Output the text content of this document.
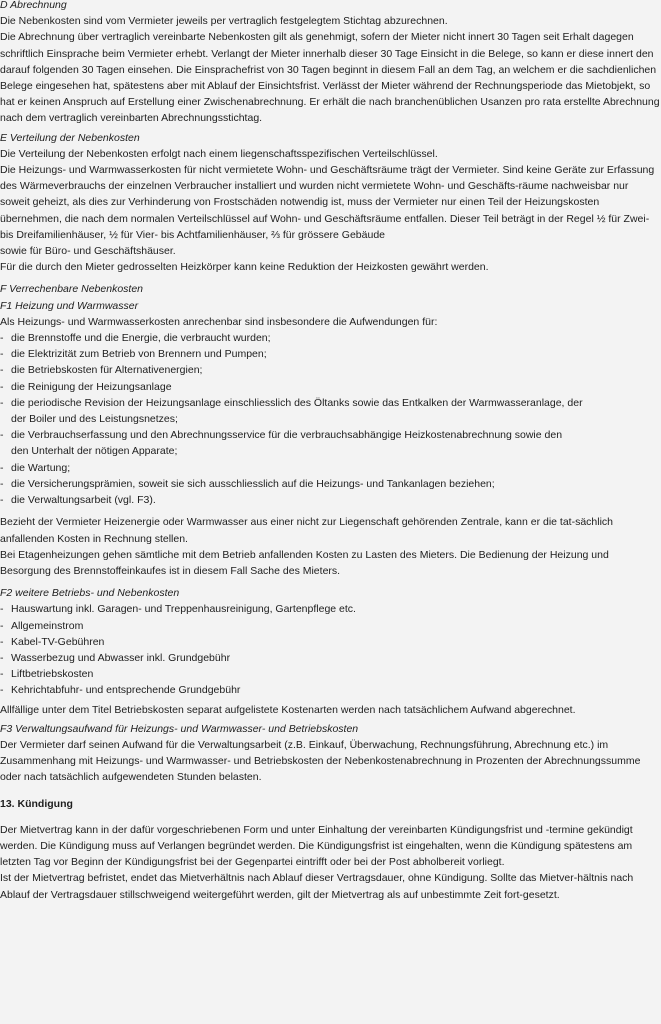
D Abrechnung

Die Nebenkosten sind vom Vermieter jeweils per vertraglich festgelegtem Stichtag abzurechnen.

Die Abrechnung über vertraglich vereinbarte Nebenkosten gilt als genehmigt, sofern der Mieter nicht innert 30 Tagen seit Erhalt dagegen schriftlich Einsprache beim Vermieter erhebt. Verlangt der Mieter innerhalb dieser 30 Tage Einsicht in die Belege, so kann er diese innert den darauf folgenden 30 Tagen einsehen. Die Einsprachefrist von 30 Tagen beginnt in diesem Fall an dem Tag, an welchem er die sachdienlichen Belege eingesehen hat, spätestens aber mit Ablauf der Einsichtsfrist. Verlässt der Mieter während der Rechnungsperiode das Mietobjekt, so hat er keinen Anspruch auf Erstellung einer Zwischenabrechnung. Er erhält die nach branchenüblichen Usanzen pro rata erstellte Abrechnung nach dem vertraglich vereinbarten Abrechnungsstichtag.

E Verteilung der Nebenkosten

Die Verteilung der Nebenkosten erfolgt nach einem liegenschaftsspezifischen Verteilschlüssel.

Die Heizungs- und Warmwasserkosten für nicht vermietete Wohn- und Geschäftsräume trägt der Vermieter. Sind keine Geräte zur Erfassung des Wärmeverbrauchs der einzelnen Verbraucher installiert und wurden nicht vermietete Wohn- und Geschäfts-räume nachweisbar nur soweit geheizt, als dies zur Verhinderung von Frostschäden notwendig ist, muss der Vermieter nur einen Teil der Heizungskosten übernehmen, die nach dem normalen Verteilschlüssel auf Wohn- und Geschäftsräume entfallen. Dieser Teil beträgt in der Regel ½ für Zwei- bis Dreifamilienhäuser, ½ für Vier- bis Achtfamilienhäuser, ⅔ für grössere Gebäude

sowie für Büro- und Geschäftshäuser.

Für die durch den Mieter gedrosselten Heizkörper kann keine Reduktion der Heizkosten gewährt werden.

F Verrechenbare Nebenkosten

F1 Heizung und Warmwasser

Als Heizungs- und Warmwasserkosten anrechenbar sind insbesondere die Aufwendungen für:

- die Brennstoffe und die Energie, die verbraucht wurden;
- die Elektrizität zum Betrieb von Brennern und Pumpen;
- die Betriebskosten für Alternativenergien;
- die Reinigung der Heizungsanlage
- die periodische Revision der Heizungsanlage einschliesslich des Öltanks sowie das Entkalken der Warmwasseranlage, der
der Boiler und des Leistungsnetzes;
- die Verbrauchserfassung und den Abrechnungsservice für die verbrauchsabhängige Heizkostenabrechnung sowie den
den Unterhalt der nötigen Apparate;
- die Wartung;
- die Versicherungsprämien, soweit sie sich ausschliesslich auf die Heizungs- und Tankanlagen beziehen;
- die Verwaltungsarbeit (vgl. F3).

Bezieht der Vermieter Heizenergie oder Warmwasser aus einer nicht zur Liegenschaft gehörenden Zentrale, kann er die tat-sächlich anfallenden Kosten in Rechnung stellen.

Bei Etagenheizungen gehen sämtliche mit dem Betrieb anfallenden Kosten zu Lasten des Mieters. Die Bedienung der Heizung und Besorgung des Brennstoffeinkaufes ist in diesem Fall Sache des Mieters.

F2 weitere Betriebs- und Nebenkosten

- Hauswartung inkl. Garagen- und Treppenhausreinigung, Gartenpflege etc.
- Allgemeinstrom
- Kabel-TV-Gebühren
- Wasserbezug und Abwasser inkl. Grundgebühr
- Liftbetriebskosten
- Kehrichtabfuhr- und entsprechende Grundgebühr

Allfällige unter dem Titel Betriebskosten separat aufgelistete Kostenarten werden nach tatsächlichem Aufwand abgerechnet.

F3 Verwaltungsaufwand für Heizungs- und Warmwasser- und Betriebskosten

Der Vermieter darf seinen Aufwand für die Verwaltungsarbeit (z.B. Einkauf, Überwachung, Rechnungsführung, Abrechnung etc.) im Zusammenhang mit Heizungs- und Warmwasser- und Betriebskosten der Nebenkostenabrechnung in Prozenten der Abrechnungssumme oder nach tatsächlich aufgewendeten Stunden belasten.

13. Kündigung

Der Mietvertrag kann in der dafür vorgeschriebenen Form und unter Einhaltung der vereinbarten Kündigungsfrist und -termine gekündigt werden. Die Kündigung muss auf Verlangen begründet werden. Die Kündigungsfrist ist eingehalten, wenn die Kündigung spätestens am letzten Tag vor Beginn der Kündigungsfrist bei der Gegenpartei eintrifft oder bei der Post abholbereit vorliegt.

Ist der Mietvertrag befristet, endet das Mietverhältnis nach Ablauf dieser Vertragsdauer, ohne Kündigung. Sollte das Mietver-hältnis nach Ablauf der Vertragsdauer stillschweigend weitergeführt werden, gilt der Mietvertrag als auf unbestimmte Zeit fort-gesetzt.
